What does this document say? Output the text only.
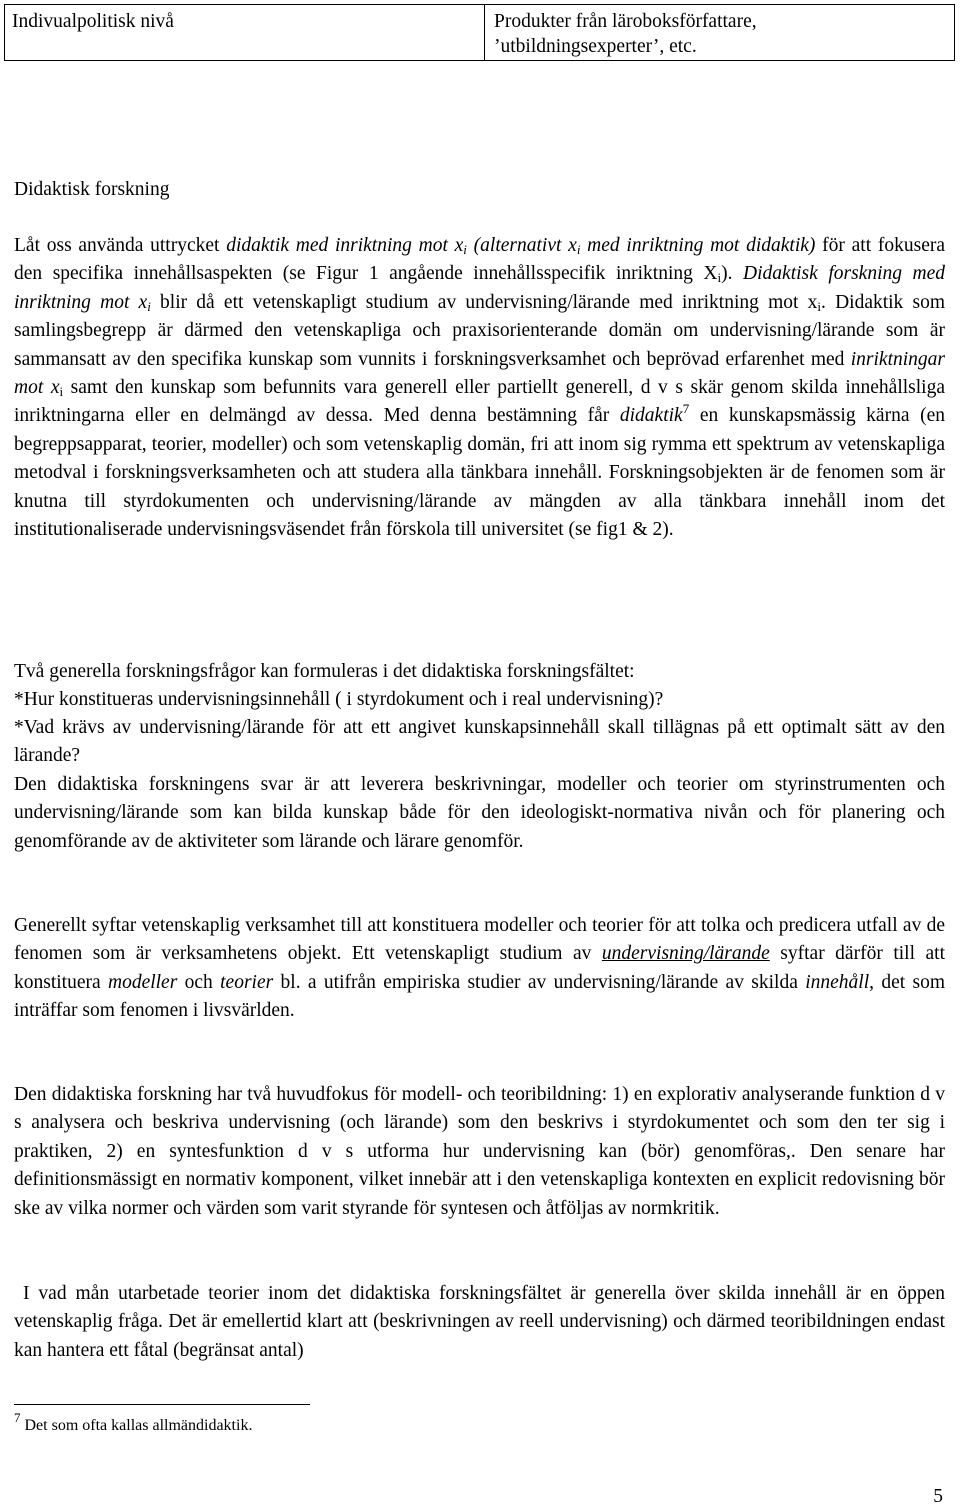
Indivualpolitisk nivå	Produkter från läroboksförfattare,
’utbildningsexperter’, etc.
Didaktisk forskning

Låt oss använda uttrycket didaktik med inriktning mot $x_i$ (alternativt $x_i$ med inriktning mot didaktik) för att fokusera den specifika innehållsaspekten (se Figur 1 angående innehållsspecifik inriktning $X_i$). Didaktisk forskning med inriktning mot $x_i$ blir då ett vetenskapligt studium av undervisning/lärande med inriktning mot $x_i$. Didaktik som samlingsbegrepp är därmed den vetenskapliga och praxisorienterande domän om undervisning/lärande som är sammansatt av den specifika kunskap som vunnits i forskningsverksamhet och beprövad erfarenhet med inriktningar mot $x_i$ samt den kunskap som befunnits vara generell eller partiellt generell, d v s skär genom skilda innehållsliga inriktningarna eller en delmängd av dessa. Med denna bestämning får didaktik$^7$ en kunskapsmässig kärna (en begreppsapparat, teorier, modeller) och som vetenskaplig domän, fri att inom sig rymma ett spektrum av vetenskapliga metodval i forskningsverksamheten och att studera alla tänkbara innehåll. Forskningsobjekten är de fenomen som är knutna till styrdokumenten och undervisning/lärande av mängden av alla tänkbara innehåll inom det institutionaliserade undervisningsväsendet från förskola till universitet (se fig1 & 2).

Två generella forskningsfrågor kan formuleras i det didaktiska forskningsfältet:

*Hur konstitueras undervisningsinnehåll ( i styrdokument och i real undervisning)?

*Vad krävs av undervisning/lärande för att ett angivet kunskapsinnehåll skall tillägnas på ett optimalt sätt av den lärande?

Den didaktiska forskningens svar är att leverera beskrivningar, modeller och teorier om styrinstrumenten och undervisning/lärande som kan bilda kunskap både för den ideologiskt-normativa nivån och för planering och genomförande av de aktiviteter som lärande och lärare genomför.

Generellt syftar vetenskaplig verksamhet till att konstituera modeller och teorier för att tolka och predicera utfall av de fenomen som är verksamhetens objekt. Ett vetenskapligt studium av undervisning/lärande syftar därför till att konstituera modeller och teorier bl. a utifrån empiriska studier av undervisning/lärande av skilda innehåll, det som inträffar som fenomen i livsvärlden.

Den didaktiska forskning har två huvudfokus för modell- och teoribildning: 1) en explorativ analyserande funktion d v s analysera och beskriva undervisning (och lärande) som den beskrivs i styrdokumentet och som den ter sig i praktiken, 2) en syntesfunktion d v s utforma hur undervisning kan (bör) genomföras,. Den senare har definitionsmässigt en normativ komponent, vilket innebär att i den vetenskapliga kontexten en explicit redovisning bör ske av vilka normer och värden som varit styrande för syntesen och åtföljas av normkritik.

I vad mån utarbetade teorier inom det didaktiska forskningsfältet är generella över skilda innehåll är en öppen vetenskaplig fråga. Det är emellertid klart att (beskrivningen av reell undervisning) och därmed teoribildningen endast kan hantera ett fåtal (begränsat antal)

$^7$ Det som ofta kallas allmändidaktik.
5
